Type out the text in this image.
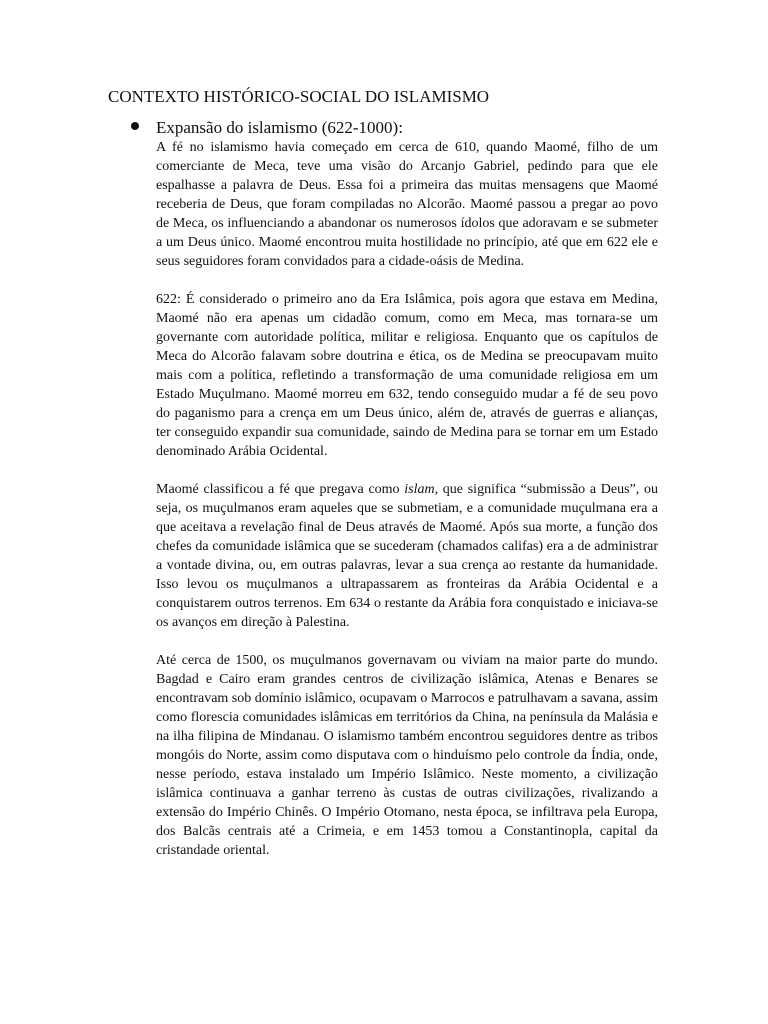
CONTEXTO HISTÓRICO-SOCIAL DO ISLAMISMO
Expansão do islamismo (622-1000):

A fé no islamismo havia começado em cerca de 610, quando Maomé, filho de um comerciante de Meca, teve uma visão do Arcanjo Gabriel, pedindo para que ele espalhasse a palavra de Deus. Essa foi a primeira das muitas mensagens que Maomé receberia de Deus, que foram compiladas no Alcorão. Maomé passou a pregar ao povo de Meca, os influenciando a abandonar os numerosos ídolos que adoravam e se submeter a um Deus único. Maomé encontrou muita hostilidade no princípio, até que em 622 ele e seus seguidores foram convidados para a cidade-oásis de Medina.

622: É considerado o primeiro ano da Era Islâmica, pois agora que estava em Medina, Maomé não era apenas um cidadão comum, como em Meca, mas tornara-se um governante com autoridade política, militar e religiosa. Enquanto que os capítulos de Meca do Alcorão falavam sobre doutrina e ética, os de Medina se preocupavam muito mais com a política, refletindo a transformação de uma comunidade religiosa em um Estado Muçulmano. Maomé morreu em 632, tendo conseguido mudar a fé de seu povo do paganismo para a crença em um Deus único, além de, através de guerras e alianças, ter conseguido expandir sua comunidade, saindo de Medina para se tornar em um Estado denominado Arábia Ocidental.

Maomé classificou a fé que pregava como islam, que significa “submissão a Deus”, ou seja, os muçulmanos eram aqueles que se submetiam, e a comunidade muçulmana era a que aceitava a revelação final de Deus através de Maomé. Após sua morte, a função dos chefes da comunidade islâmica que se sucederam (chamados califas) era a de administrar a vontade divina, ou, em outras palavras, levar a sua crença ao restante da humanidade. Isso levou os muçulmanos a ultrapassarem as fronteiras da Arábia Ocidental e a conquistarem outros terrenos. Em 634 o restante da Arábia fora conquistado e iniciava-se os avanços em direção à Palestina.

Até cerca de 1500, os muçulmanos governavam ou viviam na maior parte do mundo. Bagdad e Cairo eram grandes centros de civilização islâmica, Atenas e Benares se encontravam sob domínio islâmico, ocupavam o Marrocos e patrulhavam a savana, assim como florescia comunidades islâmicas em territórios da China, na península da Malásia e na ilha filipina de Mindanau. O islamismo também encontrou seguidores dentre as tribos mongóis do Norte, assim como disputava com o hinduísmo pelo controle da Índia, onde, nesse período, estava instalado um Império Islâmico. Neste momento, a civilização islâmica continuava a ganhar terreno às custas de outras civilizações, rivalizando a extensão do Império Chinês. O Império Otomano, nesta época, se infiltrava pela Europa, dos Balcãs centrais até a Crimeia, e em 1453 tomou a Constantinopla, capital da cristandade oriental.
